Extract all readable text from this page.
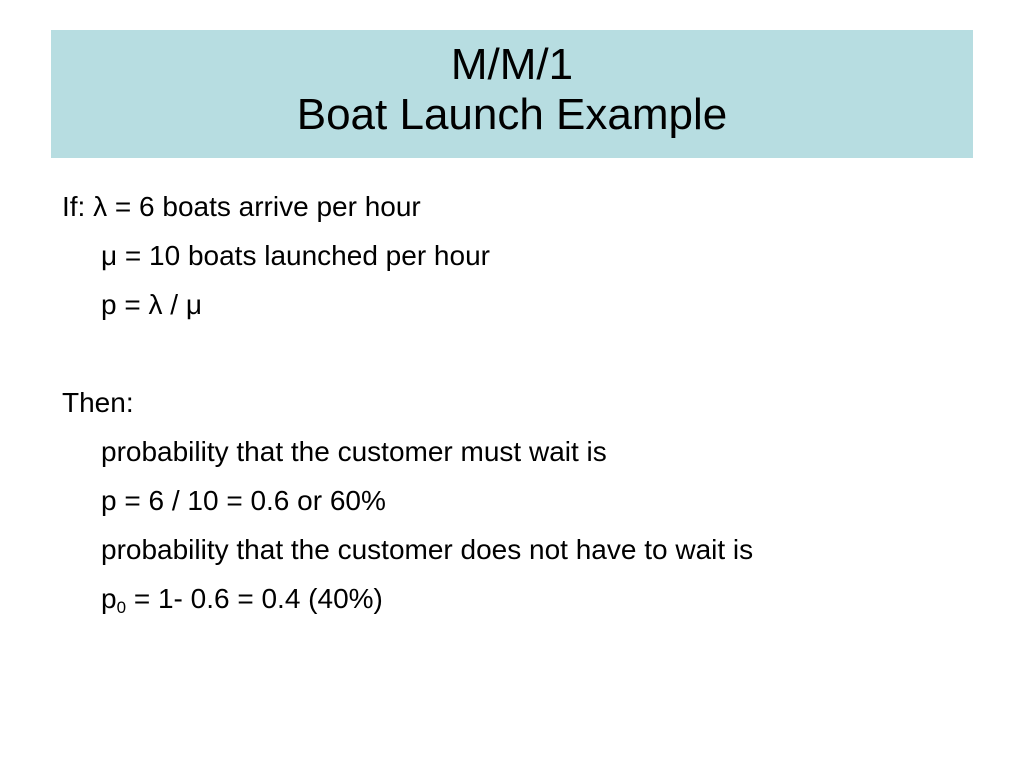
M/M/1
Boat Launch Example
If: λ = 6 boats arrive per hour
μ = 10 boats launched per hour
p = λ / μ
Then:
probability that the customer must wait is
p = 6 / 10 = 0.6 or 60%
probability that the customer does not have to wait is
$p_0 = 1-$ 0.6 = 0.4 (40%)
